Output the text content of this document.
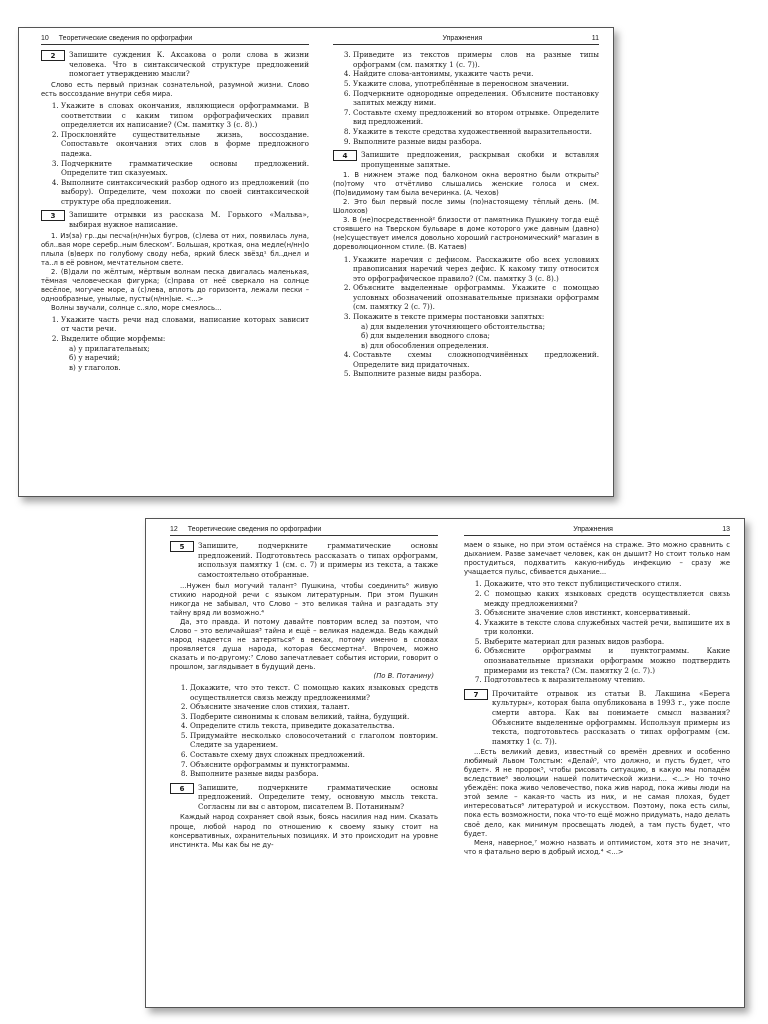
10 Теоретические сведения по орфографии
2	Запишите суждения К. Аксакова о роли слова в жизни человека. Что в синтаксической структуре предложений помогает утверждению мысли?

Слово есть первый признак сознательной, разумной жизни. Слово есть воссоздание внутри себя мира.

1. Укажите в словах окончания, являющиеся орфограммами. В соответствии с каким типом орфографических правил определяется их написание? (См. памятку 3 (с. 8).)
2. Просклоняйте существительные жизнь, воссоздание. Сопоставьте окончания этих слов в форме предложного падежа.
3. Подчеркните грамматические основы предложений. Определите тип сказуемых.
4. Выполните синтаксический разбор одного из предложений (по выбору). Определите, чем похожи по своей синтаксической структуре оба предложения.
3	Запишите отрывки из рассказа М. Горького «Мальва», выбирая нужное написание.

1. Из(за) гр..ды песча(н/нн)ых бугров, (с)лева от них, появилась луна, обл..вая море серебр..ным блеском⁷. Большая, кроткая, она медле(н/нн)о плыла (в)верх по голубому своду неба, яркий блеск звёзд¹ бл..днел и та..л в её ровном, мечтательном свете.

2. (В)дали по жёлтым, мёртвым волнам песка двигалась маленькая, тёмная человеческая фигурка; (с)права от неё сверкало на солнце весёлое, могучее море, а (с)лева, вплоть до горизонта, лежали пески – однообразные, унылые, пусты(н/нн)ые. <...>

Волны звучали, солнце с..яло, море смеялось...

1. Укажите часть речи над словами, написание которых зависит от части речи.
2. Выделите общие морфемы:
а) у прилагательных;
б) у наречий;
в) у глаголов.
Упражнения	11
3. Приведите из текстов примеры слов на разные типы орфограмм (см. памятку 1 (с. 7)).
4. Найдите слова-антонимы, укажите часть речи.
5. Укажите слова, употреблённые в переносном значении.
6. Подчеркните однородные определения. Объясните постановку запятых между ними.
7. Составьте схему предложений во втором отрывке. Определите вид предложений.
8. Укажите в тексте средства художественной выразительности.
9. Выполните разные виды разбора.
4	Запишите предложения, раскрывая скобки и вставляя пропущенные запятые.

1. В нижнем этаже под балконом окна вероятно были открыты⁵ (по)тому что отчётливо слышались женские голоса и смех. (По)видимому там была вечеринка. (А. Чехов)

2. Это был первый после зимы (по)настоящему тёплый день. (М. Шолохов)

3. В (не)посредственной² близости от памятника Пушкину тогда ещё стоявшего на Тверском бульваре в доме которого уже давным (давно) (не)существует имелся довольно хороший гастрономический⁶ магазин в дореволюционном стиле. (В. Катаев)

1. Укажите наречия с дефисом. Расскажите обо всех условиях правописания наречий через дефис. К какому типу относится это орфографическое правило? (См. памятку 3 (с. 8).)
2. Объясните выделенные орфограммы. Укажите с помощью условных обозначений опознавательные признаки орфограмм (см. памятку 2 (с. 7)).
3. Покажите в тексте примеры постановки запятых:
а) для выделения уточняющего обстоятельства;
б) для выделения вводного слова;
в) для обособления определения.
4. Составьте схемы сложноподчинённых предложений. Определите вид придаточных.
5. Выполните разные виды разбора.
12 Теоретические сведения по орфографии
5	Запишите, подчеркните грамматические основы предложений. Подготовьтесь рассказать о типах орфограмм, используя памятку 1 (см. с. 7) и примеры из текста, а также самостоятельно отобранные.

...Нужен был могучий талант⁵ Пушкина, чтобы соединить⁶ живую стихию народной речи с языком литературным. При этом Пушкин никогда не забывал, что Слово – это великая тайна и разгадать эту тайну вряд ли возможно.⁴

Да, это правда. И потому давайте повторим вслед за поэтом, что Слово – это величайшая³ тайна и ещё – великая надежда. Ведь каждый народ надеется не затеряться⁶ в веках, потому именно в словах проявляется душа народа, которая бессмертна². Впрочем, можно сказать и по-другому:⁷ Слово запечатлевает события истории, говорит о прошлом, заглядывает в будущий день.

(По В. Потанину)

1. Докажите, что это текст. С помощью каких языковых средств осуществляется связь между предложениями?
2. Объясните значение слов стихия, талант.
3. Подберите синонимы к словам великий, тайна, будущий.
4. Определите стиль текста, приведите доказательства.
5. Придумайте несколько словосочетаний с глаголом повторим. Следите за ударением.
6. Составьте схему двух сложных предложений.
7. Объясните орфограммы и пунктограммы.
8. Выполните разные виды разбора.
6	Запишите, подчеркните грамматические основы предложений. Определите тему, основную мысль текста. Согласны ли вы с автором, писателем В. Потаниным?

Каждый народ сохраняет свой язык, боясь насилия над ним. Сказать проще, любой народ по отношению к своему языку стоит на консервативных, охранительных позициях. И это происходит на уровне инстинкта. Мы как бы не ду-

Упражнения	13

маем о языке, но при этом остаёмся на страже. Это можно сравнить с дыханием. Разве замечает человек, как он дышит? Но стоит только нам простудиться, подхватить какую-нибудь инфекцию – сразу же учащается пульс, сбивается дыхание...

1. Докажите, что это текст публицистического стиля.
2. С помощью каких языковых средств осуществляется связь между предложениями?
3. Объясните значение слов инстинкт, консервативный.
4. Укажите в тексте слова служебных частей речи, выпишите их в три колонки.
5. Выберите материал для разных видов разбора.
6. Объясните орфограммы и пунктограммы. Какие опознавательные признаки орфограмм можно подтвердить примерами из текста? (См. памятку 2 (с. 7).)
7. Подготовьтесь к выразительному чтению.
7	Прочитайте отрывок из статьи В. Лакшина «Берега культуры», которая была опубликована в 1993 г., уже после смерти автора. Как вы понимаете смысл названия? Объясните выделенные орфограммы. Используя примеры из текста, подготовьтесь рассказать о типах орфограмм (см. памятку 1 (с. 7)).

...Есть великий девиз, известный со времён древних и особенно любимый Львом Толстым: «Делай⁵, что должно, и пусть будет, что будет». Я не пророк⁵, чтобы рисовать ситуацию, в какую мы попадём вследствие⁶ эволюции нашей политической жизни... <...> Но точно убеждён: пока живо человечество, пока жив народ, пока живы люди на этой земле – какая-то часть из них, и не самая плохая, будет интересоваться⁶ литературой и искусством. Поэтому, пока есть силы, пока есть возможности, пока что-то ещё можно придумать, надо делать своё дело, как минимум просвещать людей, а там пусть будет, что будет.

Меня, наверное,⁷ можно назвать и оптимистом, хотя это не значит, что я фатально верю в добрый исход.⁴ <...>
